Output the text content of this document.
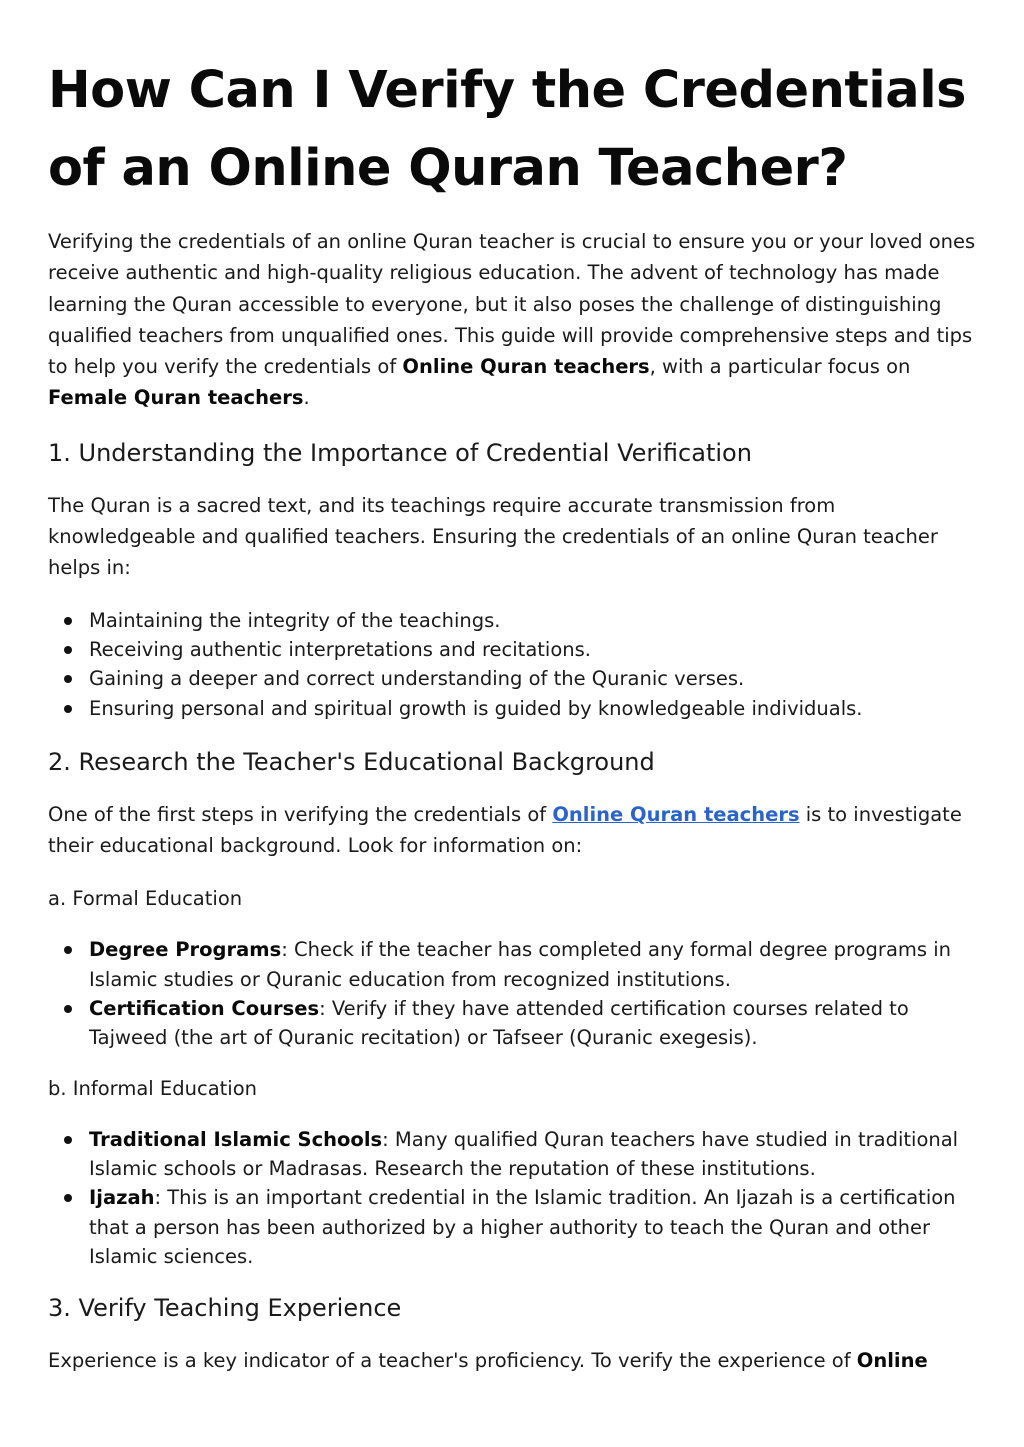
How Can I Verify the Credentials of an Online Quran Teacher?

Verifying the credentials of an online Quran teacher is crucial to ensure you or your loved ones receive authentic and high-quality religious education. The advent of technology has made learning the Quran accessible to everyone, but it also poses the challenge of distinguishing qualified teachers from unqualified ones. This guide will provide comprehensive steps and tips to help you verify the credentials of Online Quran teachers, with a particular focus on Female Quran teachers.

1. Understanding the Importance of Credential Verification

The Quran is a sacred text, and its teachings require accurate transmission from knowledgeable and qualified teachers. Ensuring the credentials of an online Quran teacher helps in:

Maintaining the integrity of the teachings.
Receiving authentic interpretations and recitations.
Gaining a deeper and correct understanding of the Quranic verses.
Ensuring personal and spiritual growth is guided by knowledgeable individuals.
2. Research the Teacher's Educational Background

One of the first steps in verifying the credentials of Online Quran teachers is to investigate their educational background. Look for information on:

a. Formal Education

Degree Programs: Check if the teacher has completed any formal degree programs in Islamic studies or Quranic education from recognized institutions.
Certification Courses: Verify if they have attended certification courses related to Tajweed (the art of Quranic recitation) or Tafseer (Quranic exegesis).

b. Informal Education

Traditional Islamic Schools: Many qualified Quran teachers have studied in traditional Islamic schools or Madrasas. Research the reputation of these institutions.
Ijazah: This is an important credential in the Islamic tradition. An Ijazah is a certification that a person has been authorized by a higher authority to teach the Quran and other Islamic sciences.
3. Verify Teaching Experience

Experience is a key indicator of a teacher's proficiency. To verify the experience of Online
